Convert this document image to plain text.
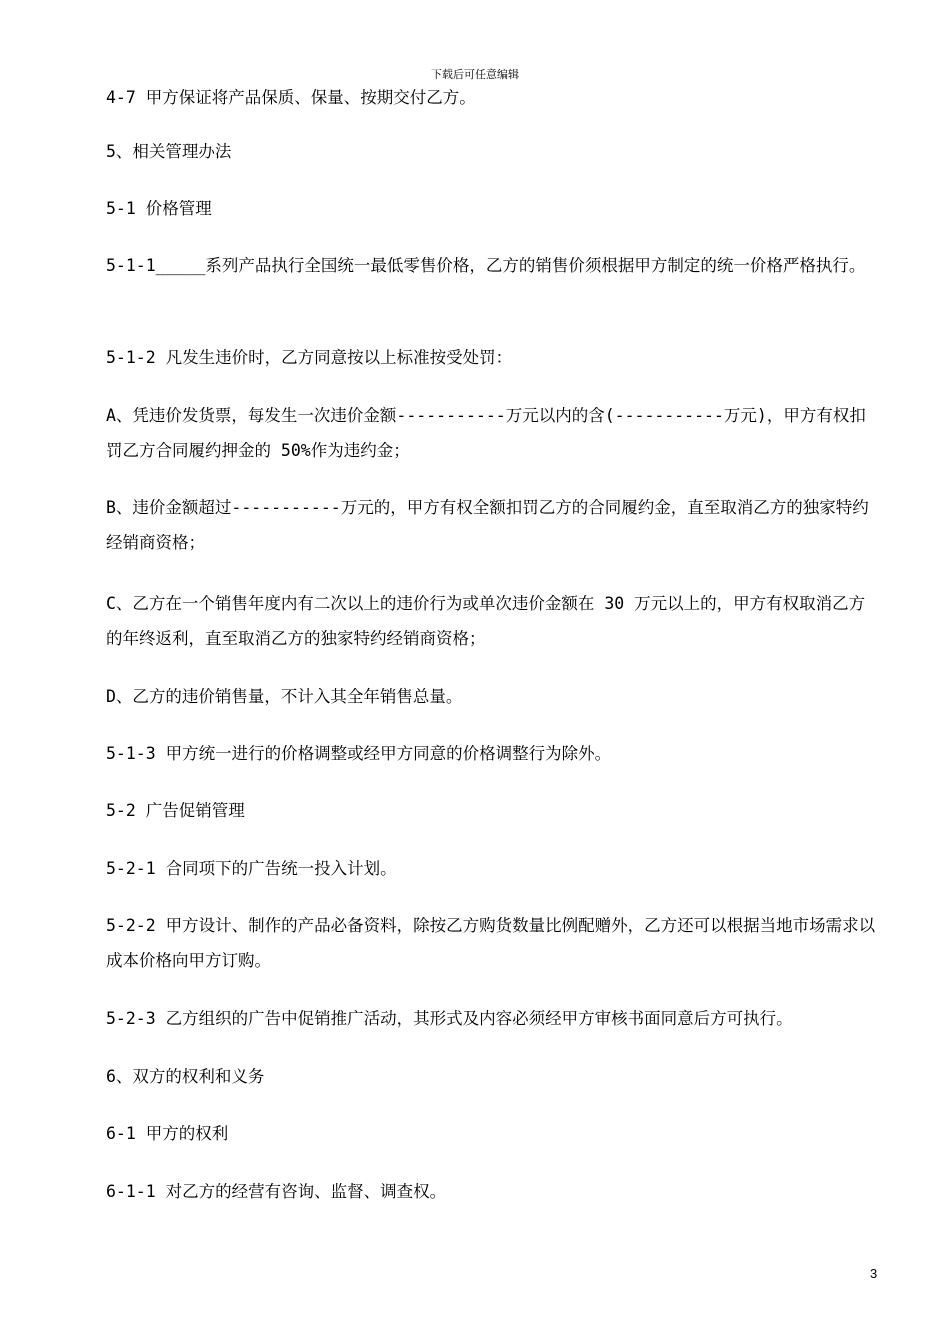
下载后可任意编辑

4-7 甲方保证将产品保质、保量、按期交付乙方。

5、相关管理办法

5-1 价格管理

5-1-1_____系列产品执行全国统一最低零售价格，乙方的销售价须根据甲方制定的统一价格严格执行。

5-1-2 凡发生违价时，乙方同意按以上标准按受处罚：

A、凭违价发货票，每发生一次违价金额-----------万元以内的含(-----------万元)，甲方有权扣罚乙方合同履约押金的 50%作为违约金；

B、违价金额超过-----------万元的，甲方有权全额扣罚乙方的合同履约金，直至取消乙方的独家特约经销商资格；

C、乙方在一个销售年度内有二次以上的违价行为或单次违价金额在 30 万元以上的，甲方有权取消乙方的年终返利，直至取消乙方的独家特约经销商资格；

D、乙方的违价销售量，不计入其全年销售总量。

5-1-3 甲方统一进行的价格调整或经甲方同意的价格调整行为除外。

5-2 广告促销管理

5-2-1 合同项下的广告统一投入计划。

5-2-2 甲方设计、制作的产品必备资料，除按乙方购货数量比例配赠外，乙方还可以根据当地市场需求以成本价格向甲方订购。

5-2-3 乙方组织的广告中促销推广活动，其形式及内容必须经甲方审核书面同意后方可执行。

6、双方的权利和义务

6-1 甲方的权利

6-1-1 对乙方的经营有咨询、监督、调查权。

3
